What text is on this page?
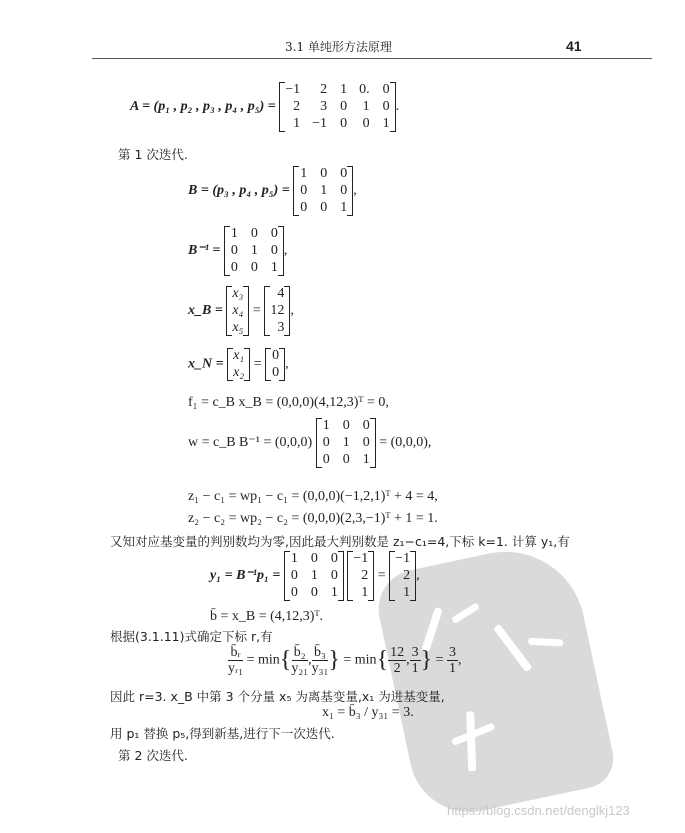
3.1 单纯形方法原理	41
A = (p₁ , p₂ , p₃ , p₄ , p₅) =
−1	2 1 0. 0
2	3 0 1 0
1 −1 0 0 1
.
第 1 次迭代.
B = (p₃ , p₄ , p₅) =
1 0 0
0 1 0
0 0 1
,
B⁻¹ =
1 0 0
0 1 0
0 0 1
,
x_B =
x₃
x₄
x₅
=
4
12
3
,
x_N =
x₁
x₂
=
0
0
,
f₁ = c_B x_B = (0,0,0)(4,12,3)ᵀ = 0,
w = c_B B⁻¹ = (0,0,0)
1 0 0
0 1 0
0 0 1
= (0,0,0),
z₁ − c₁ = wp₁ − c₁ = (0,0,0)(−1,2,1)ᵀ + 4 = 4,
z₂ − c₂ = wp₂ − c₂ = (0,0,0)(2,3,−1)ᵀ + 1 = 1.
又知对应基变量的判别数均为零,因此最大判别数是 z₁−c₁=4,下标 k=1. 计算 y₁,有
y₁ = B⁻¹p₁ =
1 0 0
0 1 0
0 0 1

−1
2
1
=
−1
2
1
,
b̄ = x_B = (4,12,3)ᵀ.
根据(3.1.11)式确定下标 r,有
$\frac{\text{b̄ᵣ}}{\text{yᵣ₁}} = \min\{ \frac{\text{b̄₂}}{\text{y₂₁}}$ , $\frac{\text{b̄₃}}{\text{y₃₁}}$ } = $\min\{ \frac{12}{2}$ , $\frac{3}{1}$ } = $\frac{3}{1}$ ,
因此 r=3. x_B 中第 3 个分量 x₅ 为离基变量,x₁ 为进基变量,
x₁ = b̄₃ / y₃₁ = 3.
用 p₁ 替换 p₅,得到新基,进行下一次迭代.
第 2 次迭代.
https://blog.csdn.net/denglkj123
